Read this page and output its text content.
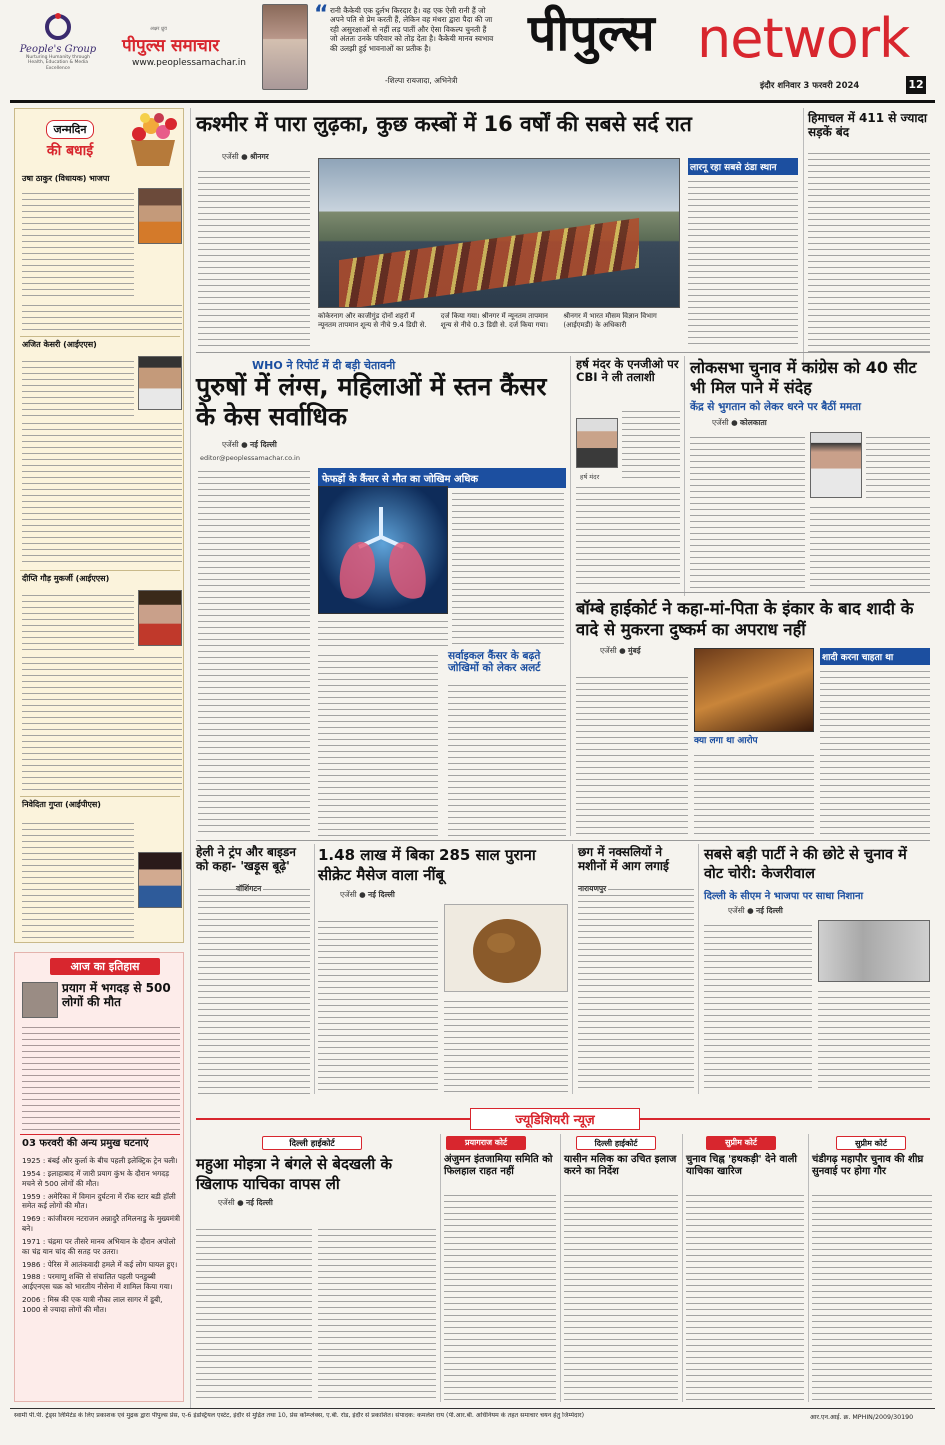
People's Group
Nurturing Humanity through Health, Education & Media Excellence
अक्षर ध्रुव
पीपुल्स समाचार
www.peoplessamachar.in
“ रानी कैकेयी एक दुर्लभ किरदार है। वह एक ऐसी रानी हैं जो अपने पति से प्रेम करती हैं, लेकिन वह मंथरा द्वारा पैदा की जा रही असुरक्षाओं से नहीं लड़ पातीं और ऐसा विकल्प चुनती हैं जो अंततः उनके परिवार को तोड़ देता है। कैकेयी मानव स्वभाव की उलझी हुई भावनाओं का प्रतीक है।
-शिल्पा रायजादा, अभिनेत्री
पीपुल्स network
इंदौर शनिवार 3 फरवरी 2024	12
जन्मदिन
की बधाई
उषा ठाकुर (विधायक) भाजपा
अजित केसरी (आईएएस)
दीप्ति गौड़ मुकर्जी (आईएएस)
निवेदिता गुप्ता (आईपीएस)
आज का इतिहास
प्रयाग में भगदड़ से 500 लोगों की मौत
03 फरवरी की अन्य प्रमुख घटनाएं
1925 : बंबई और कुर्ला के बीच पहली इलेक्ट्रिक ट्रेन चली।
1954 : इलाहाबाद में जारी प्रयाग कुंभ के दौरान भगदड़ मचने से 500 लोगों की मौत।
1959 : अमेरिका में विमान दुर्घटना में रॉक स्टार बडी हॉली समेत कई लोगों की मौत।
1969 : कांजीवरम नटराजन अन्नादुरै तमिलनाडु के मुख्यमंत्री बने।
1971 : चंद्रमा पर तीसरे मानव अभियान के दौरान अपोलो का चंद्र यान चांद की सतह पर उतरा।
1986 : पेरिस में आतंकवादी हमले में कई लोग घायल हुए।
1988 : परमाणु शक्ति से संचालित पहली पनडुब्बी आईएनएस चक्र को भारतीय नौसेना में शामिल किया गया।
2006 : मिस्र की एक यात्री नौका लाल सागर में डूबी, 1000 से ज्यादा लोगों की मौत।
कश्मीर में पारा लुढ़का, कुछ कस्बों में 16 वर्षों की सबसे सर्द रात
एजेंसी ● श्रीनगर
कोकेरनाग और काजीगुंड दोनों शहरों में न्यूनतम तापमान शून्य से नीचे 9.4 डिग्री से. दर्ज किया गया। श्रीनगर में न्यूनतम तापमान शून्य से नीचे 0.3 डिग्री से. दर्ज किया गया। श्रीनगर में भारत मौसम विज्ञान विभाग (आईएमडी) के अधिकारी
लारनू रहा सबसे ठंडा स्थान
हिमाचल में 411 से ज्यादा सड़कें बंद
WHO ने रिपोर्ट में दी बड़ी चेतावनी
पुरुषों में लंग्स, महिलाओं में स्तन कैंसर के केस सर्वाधिक
एजेंसी ● नई दिल्ली
editor@peoplessamachar.co.in
फेफड़ों के कैंसर से मौत का जोखिम अधिक
सर्वाइकल कैंसर के बढ़ते जोखिमों को लेकर अलर्ट
हर्ष मंदर के एनजीओ पर CBI ने ली तलाशी
हर्ष मंदर
लोकसभा चुनाव में कांग्रेस को 40 सीट भी मिल पाने में संदेह
केंद्र से भुगतान को लेकर धरने पर बैठीं ममता
एजेंसी ● कोलकाता
बॉम्बे हाईकोर्ट ने कहा-मां-पिता के इंकार के बाद शादी के वादे से मुकरना दुष्कर्म का अपराध नहीं
एजेंसी ● मुंबई
क्या लगा था आरोप
शादी करना चाहता था
हेली ने ट्रंप और बाइडन को कहा- 'खड़ूस बूढ़े'
वॉशिंगटन
1.48 लाख में बिका 285 साल पुराना सीक्रेट मैसेज वाला नींबू
एजेंसी ● नई दिल्ली
छग में नक्सलियों ने मशीनों में आग लगाई
नारायणपुर
सबसे बड़ी पार्टी ने की छोटे से चुनाव में वोट चोरी: केजरीवाल
दिल्ली के सीएम ने भाजपा पर साधा निशाना
एजेंसी ● नई दिल्ली
ज्यूडिशियरी न्यूज़
दिल्ली हाईकोर्ट
महुआ मोइत्रा ने बंगले से बेदखली के खिलाफ याचिका वापस ली
एजेंसी ● नई दिल्ली
प्रयागराज कोर्ट
अंजुमन इंतजामिया समिति को फिलहाल राहत नहीं
दिल्ली हाईकोर्ट
यासीन मलिक का उचित इलाज करने का निर्देश
सुप्रीम कोर्ट
चुनाव चिह्न 'हथकड़ी' देने वाली याचिका खारिज
सुप्रीम कोर्ट
चंडीगढ़ महापौर चुनाव की शीघ्र सुनवाई पर होगा गौर
स्वामी पी.पी. ट्रेड्स लिमिटेड के लिए प्रकाशक एवं मुद्रक द्वारा पीपुल्स प्रेस, ए-6 इंडस्ट्रियल एस्टेट, इंदौर से मुद्रित तथा 10, प्रेस कॉम्प्लेक्स, ए.बी. रोड, इंदौर से प्रकाशित। संपादक: कमलेश राय (पी.आर.बी. अधिनियम के तहत समाचार चयन हेतु जिम्मेदार)	आर.एन.आई. क्र. MPHIN/2009/30190
